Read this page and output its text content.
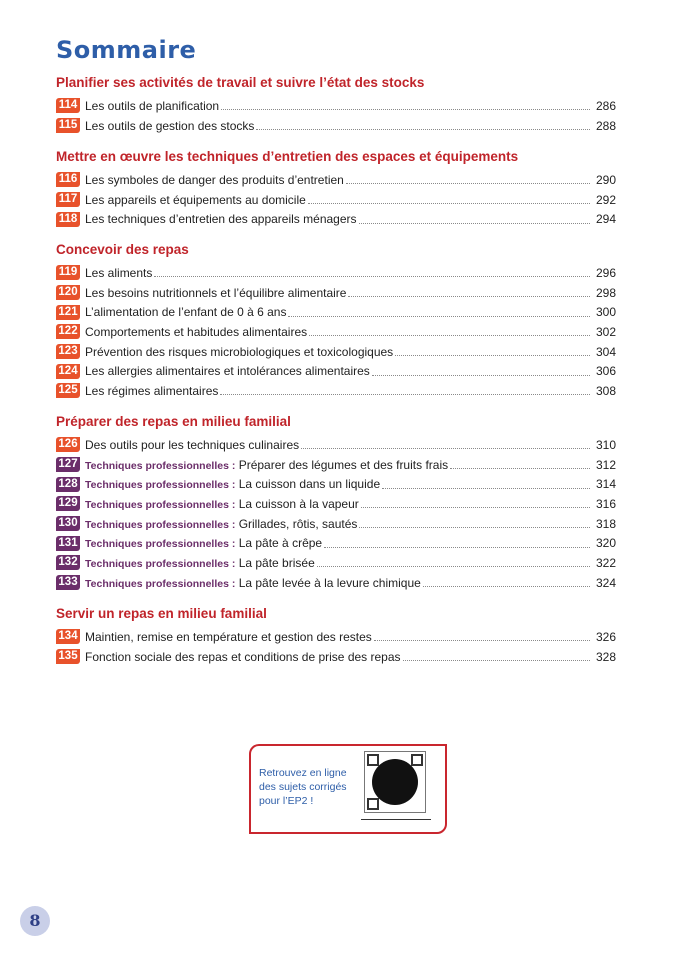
Sommaire
Planifier ses activités de travail et suivre l’état des stocks
114 Les outils de planification	286
115 Les outils de gestion des stocks	288
Mettre en œuvre les techniques d’entretien des espaces et équipements
116 Les symboles de danger des produits d’entretien	290
117 Les appareils et équipements au domicile	292
118 Les techniques d’entretien des appareils ménagers	294
Concevoir des repas
119 Les aliments	296
120 Les besoins nutritionnels et l’équilibre alimentaire	298
121 L’alimentation de l’enfant de 0 à 6 ans	300
122 Comportements et habitudes alimentaires	302
123 Prévention des risques microbiologiques et toxicologiques	304
124 Les allergies alimentaires et intolérances alimentaires	306
125 Les régimes alimentaires	308
Préparer des repas en milieu familial
126 Des outils pour les techniques culinaires	310
127 Techniques professionnelles : Préparer des légumes et des fruits frais	312
128 Techniques professionnelles : La cuisson dans un liquide	314
129 Techniques professionnelles : La cuisson à la vapeur	316
130 Techniques professionnelles : Grillades, rôtis, sautés	318
131 Techniques professionnelles : La pâte à crêpe	320
132 Techniques professionnelles : La pâte brisée	322
133 Techniques professionnelles : La pâte levée à la levure chimique	324
Servir un repas en milieu familial
134 Maintien, remise en température et gestion des restes	326
135 Fonction sociale des repas et conditions de prise des repas	328
Retrouvez en ligne des sujets corrigés pour l’EP2 !
8
